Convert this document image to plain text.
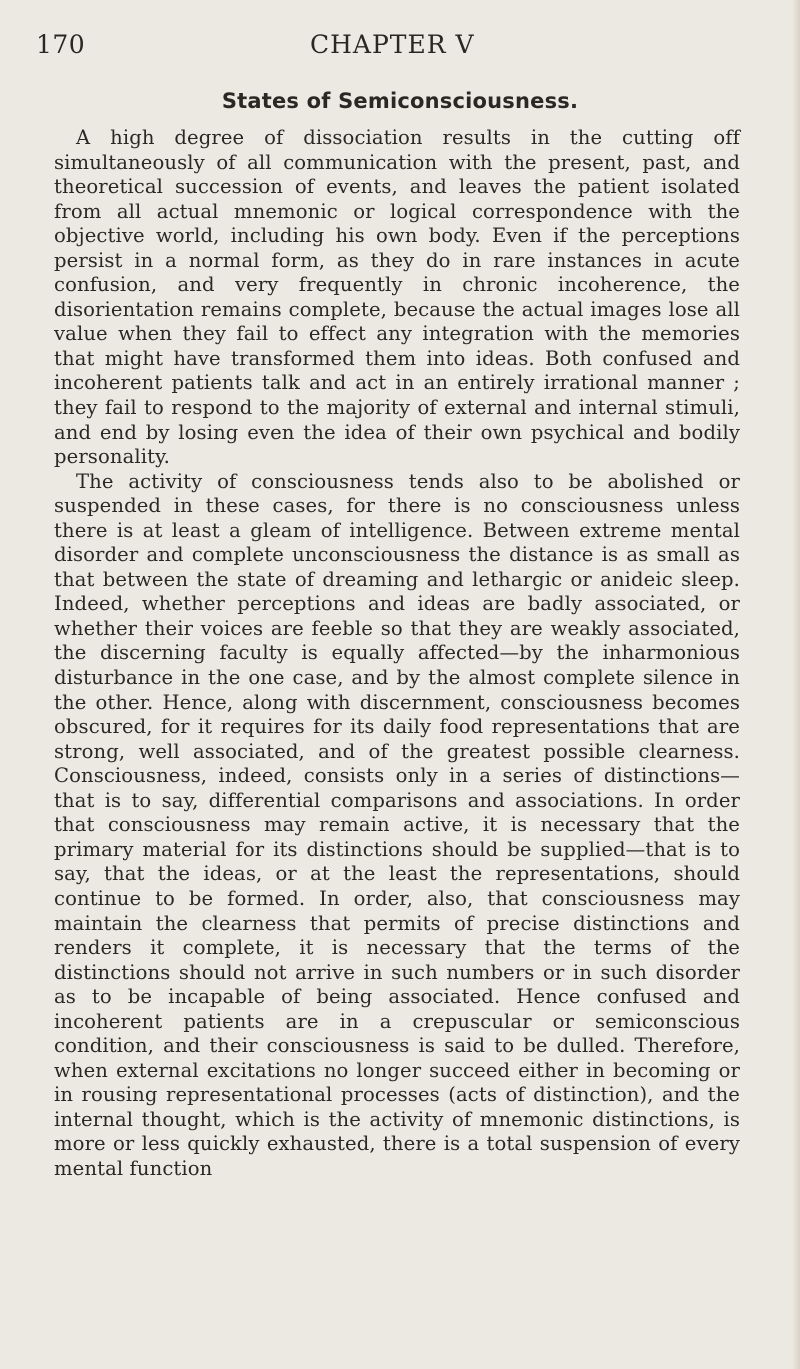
170	CHAPTER V
States of Semiconsciousness.

A high degree of dissociation results in the cutting off simultaneously of all communication with the present, past, and theoretical succession of events, and leaves the patient isolated from all actual mnemonic or logical correspondence with the objective world, including his own body. Even if the perceptions persist in a normal form, as they do in rare instances in acute confusion, and very frequently in chronic incoherence, the disorientation remains complete, because the actual images lose all value when they fail to effect any integration with the memories that might have transformed them into ideas. Both confused and incoherent patients talk and act in an entirely irrational manner ; they fail to respond to the majority of external and internal stimuli, and end by losing even the idea of their own psychical and bodily personality.

The activity of consciousness tends also to be abolished or suspended in these cases, for there is no consciousness unless there is at least a gleam of intelligence. Between extreme mental disorder and complete unconsciousness the distance is as small as that between the state of dreaming and lethargic or anideic sleep. Indeed, whether perceptions and ideas are badly associated, or whether their voices are feeble so that they are weakly associated, the discerning faculty is equally affected—by the inharmonious disturbance in the one case, and by the almost complete silence in the other. Hence, along with discernment, consciousness becomes obscured, for it requires for its daily food representations that are strong, well associated, and of the greatest possible clearness. Consciousness, indeed, consists only in a series of distinctions—that is to say, differential comparisons and associations. In order that consciousness may remain active, it is necessary that the primary material for its distinctions should be supplied—that is to say, that the ideas, or at the least the representations, should continue to be formed. In order, also, that consciousness may maintain the clearness that permits of precise distinctions and renders it complete, it is necessary that the terms of the distinctions should not arrive in such numbers or in such disorder as to be incapable of being associated. Hence confused and incoherent patients are in a crepuscular or semiconscious condition, and their consciousness is said to be dulled. Therefore, when external excitations no longer succeed either in becoming or in rousing representational processes (acts of distinction), and the internal thought, which is the activity of mnemonic distinctions, is more or less quickly exhausted, there is a total suspension of every mental function
